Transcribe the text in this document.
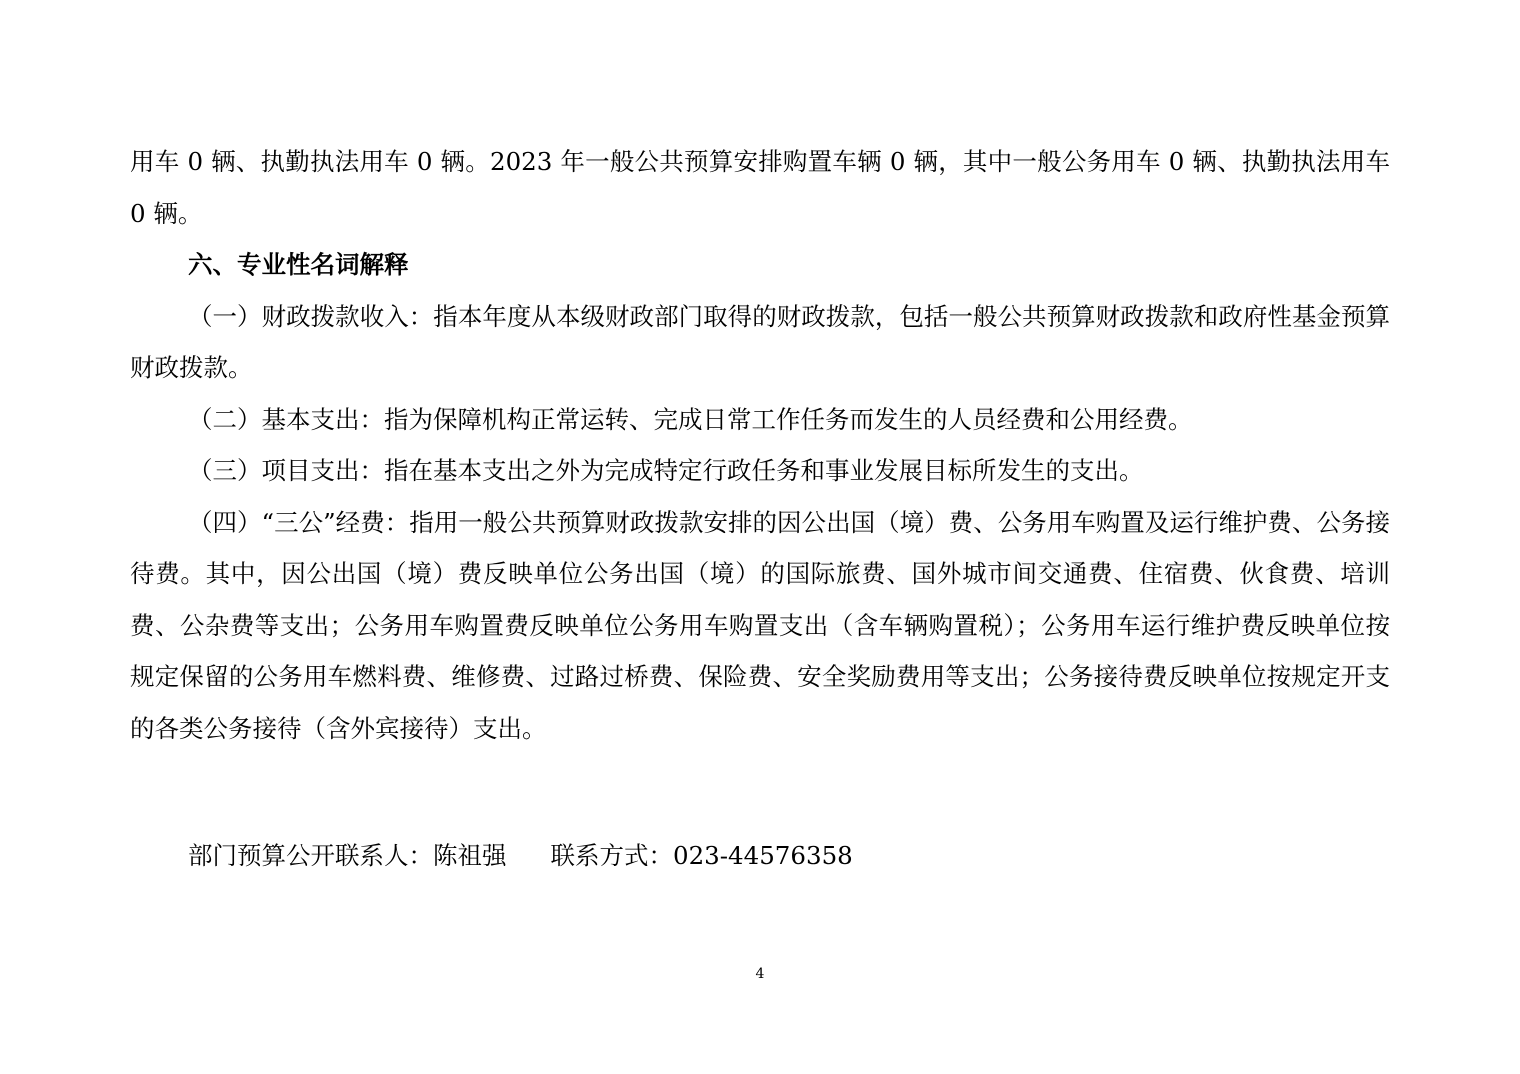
用车 0 辆、执勤执法用车 0 辆。2023 年一般公共预算安排购置车辆 0 辆，其中一般公务用车 0 辆、执勤执法用车 0 辆。

六、专业性名词解释

（一）财政拨款收入：指本年度从本级财政部门取得的财政拨款，包括一般公共预算财政拨款和政府性基金预算财政拨款。

（二）基本支出：指为保障机构正常运转、完成日常工作任务而发生的人员经费和公用经费。

（三）项目支出：指在基本支出之外为完成特定行政任务和事业发展目标所发生的支出。

（四）“三公”经费：指用一般公共预算财政拨款安排的因公出国（境）费、公务用车购置及运行维护费、公务接待费。其中，因公出国（境）费反映单位公务出国（境）的国际旅费、国外城市间交通费、住宿费、伙食费、培训费、公杂费等支出；公务用车购置费反映单位公务用车购置支出（含车辆购置税）；公务用车运行维护费反映单位按规定保留的公务用车燃料费、维修费、过路过桥费、保险费、安全奖励费用等支出；公务接待费反映单位按规定开支的各类公务接待（含外宾接待）支出。

部门预算公开联系人：陈祖强 联系方式：023-44576358
4
